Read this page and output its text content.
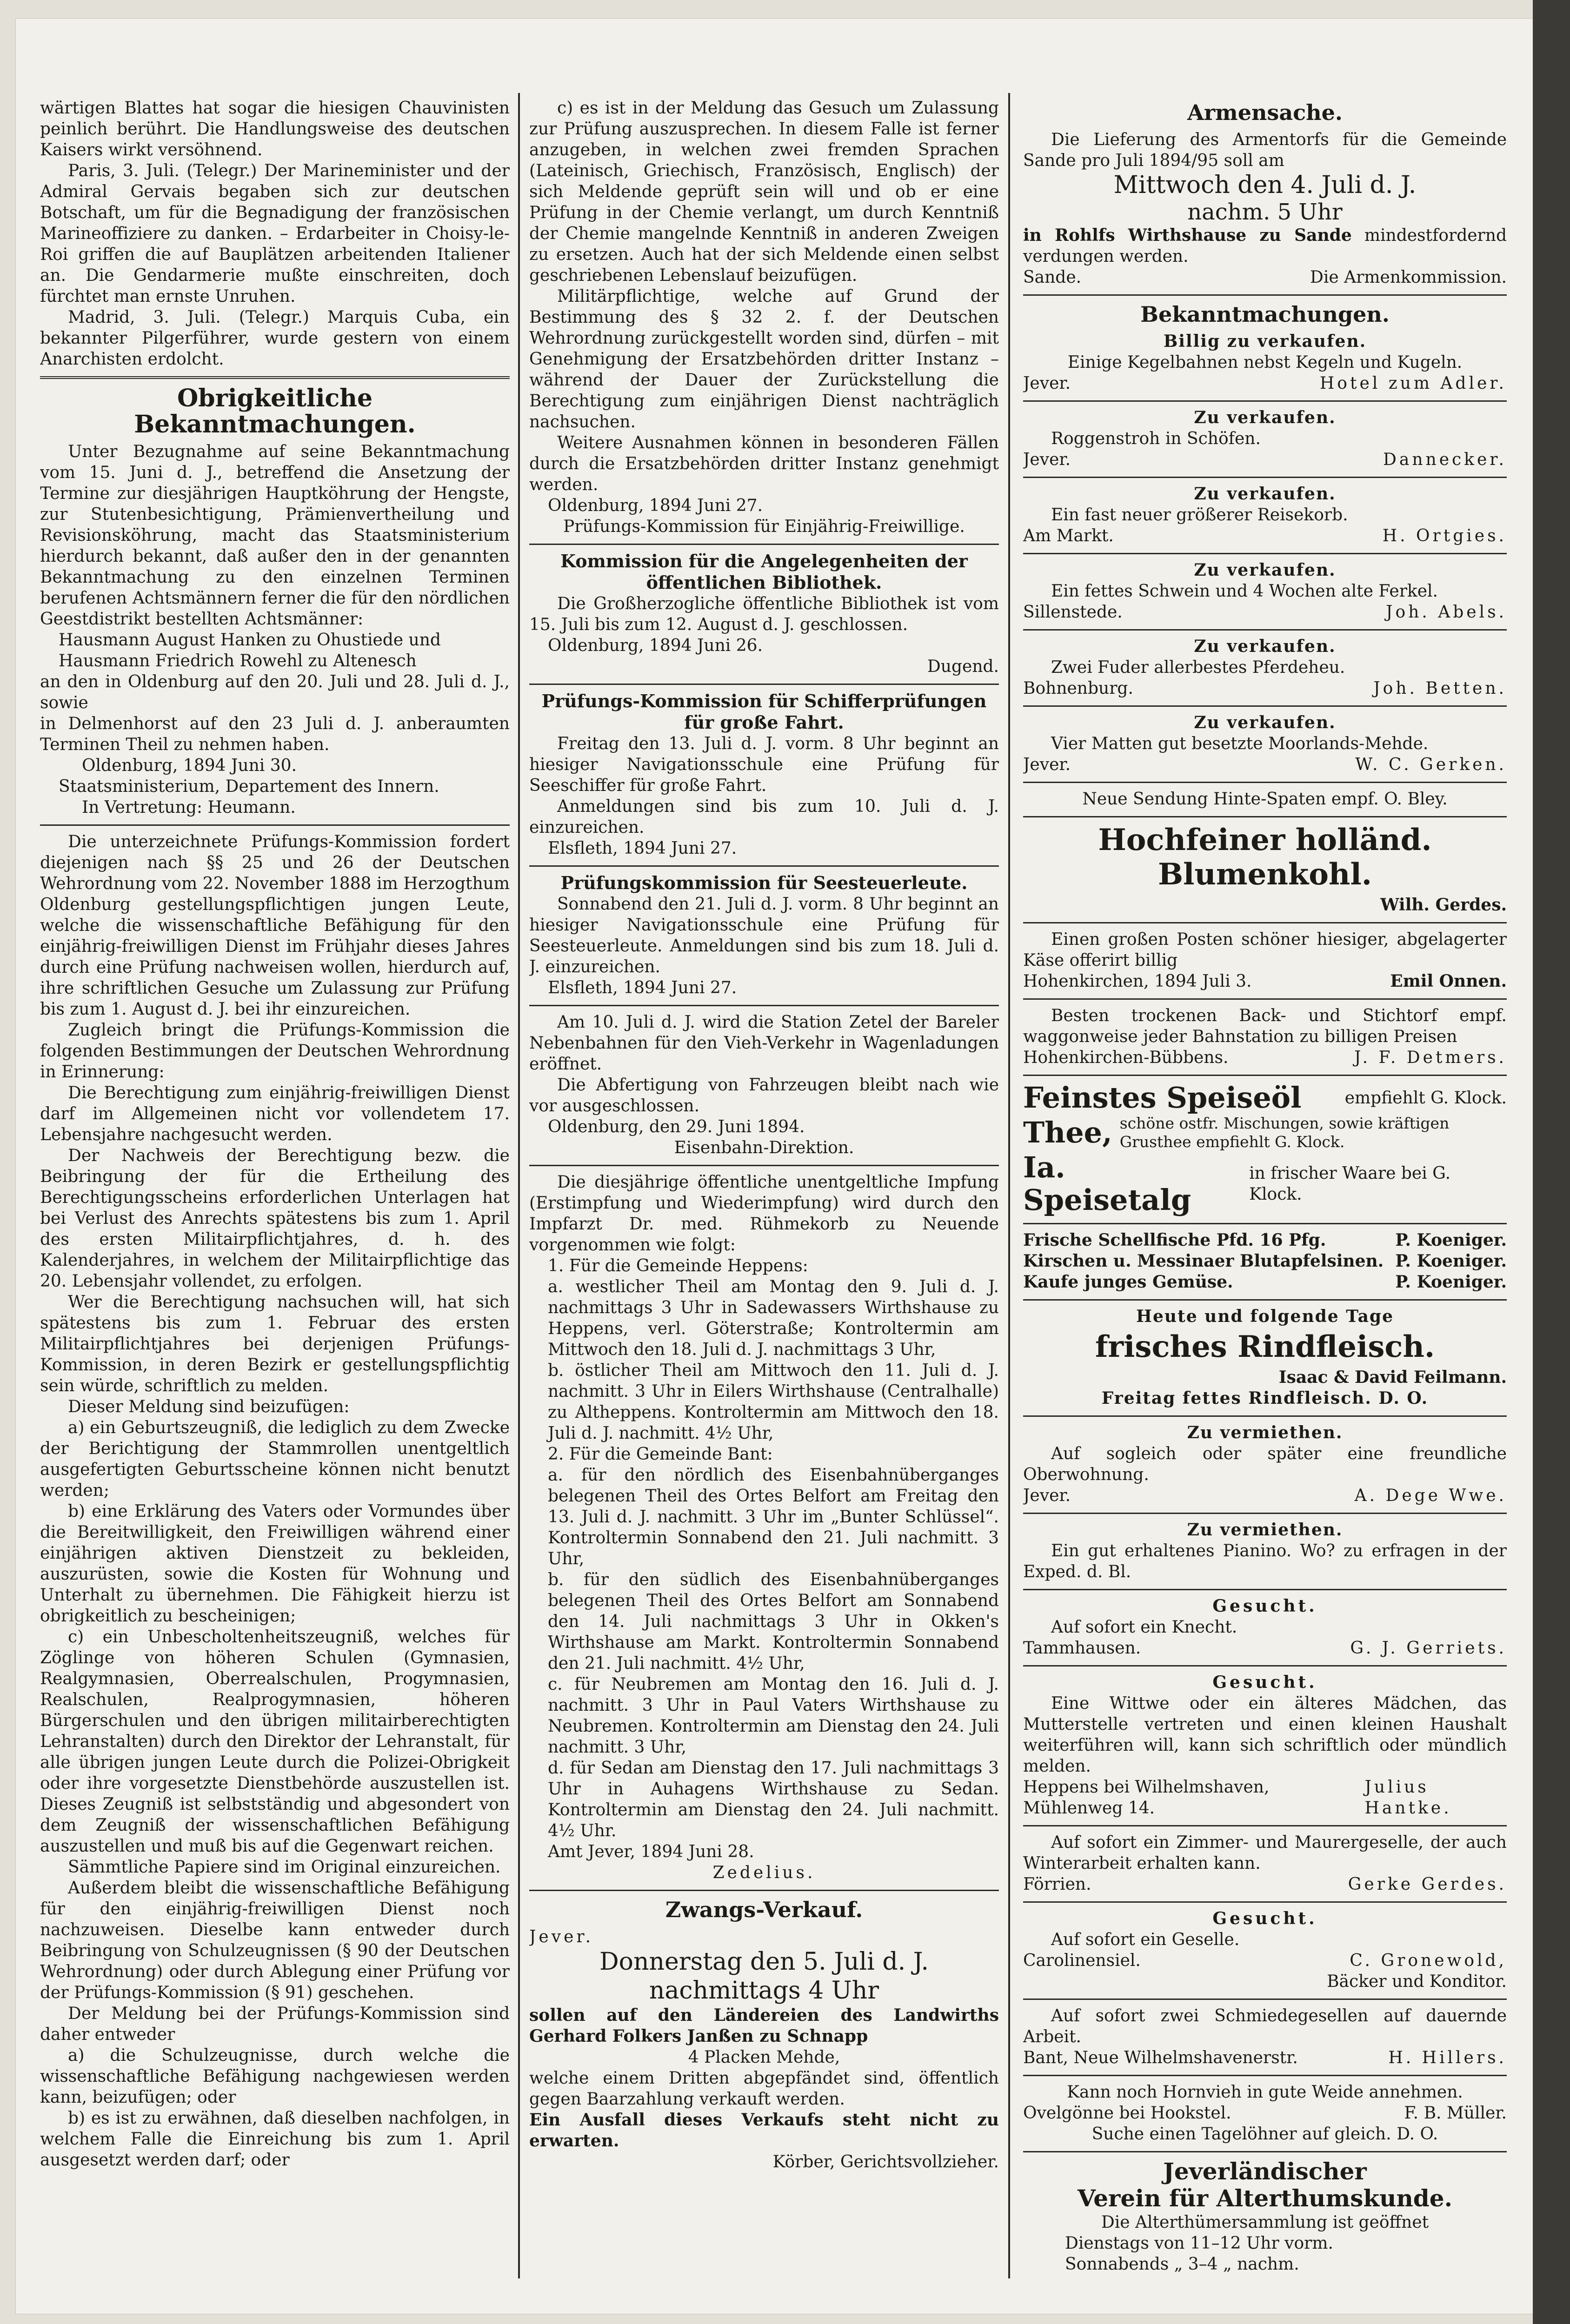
wärtigen Blattes hat sogar die hiesigen Chauvinisten peinlich berührt. Die Handlungsweise des deutschen Kaisers wirkt versöhnend.

Paris, 3. Juli. (Telegr.) Der Marineminister und der Admiral Gervais begaben sich zur deutschen Botschaft, um für die Begnadigung der französischen Marineoffiziere zu danken. – Erdarbeiter in Choisy-le-Roi griffen die auf Bauplätzen arbeitenden Italiener an. Die Gendarmerie mußte einschreiten, doch fürchtet man ernste Unruhen.

Madrid, 3. Juli. (Telegr.) Marquis Cuba, ein bekannter Pilgerführer, wurde gestern von einem Anarchisten erdolcht.

Obrigkeitliche Bekanntmachungen.

Unter Bezugnahme auf seine Bekanntmachung vom 15. Juni d. J., betreffend die Ansetzung der Termine zur diesjährigen Hauptköhrung der Hengste, zur Stutenbesichtigung, Prämienvertheilung und Revisionsköhrung, macht das Staatsministerium hierdurch bekannt, daß außer den in der genannten Bekanntmachung zu den einzelnen Terminen berufenen Achtsmännern ferner die für den nördlichen Geestdistrikt bestellten Achtsmänner:

Hausmann August Hanken zu Ohustiede und

Hausmann Friedrich Rowehl zu Altenesch

an den in Oldenburg auf den 20. Juli und 28. Juli d. J., sowie

in Delmenhorst auf den 23 Juli d. J. anberaumten Terminen Theil zu nehmen haben.

Oldenburg, 1894 Juni 30.

Staatsministerium, Departement des Innern.

In Vertretung: Heumann.

Die unterzeichnete Prüfungs-Kommission fordert diejenigen nach §§ 25 und 26 der Deutschen Wehrordnung vom 22. November 1888 im Herzogthum Oldenburg gestellungspflichtigen jungen Leute, welche die wissenschaftliche Befähigung für den einjährig-freiwilligen Dienst im Frühjahr dieses Jahres durch eine Prüfung nachweisen wollen, hierdurch auf, ihre schriftlichen Gesuche um Zulassung zur Prüfung bis zum 1. August d. J. bei ihr einzureichen.

Zugleich bringt die Prüfungs-Kommission die folgenden Bestimmungen der Deutschen Wehrordnung in Erinnerung:

Die Berechtigung zum einjährig-freiwilligen Dienst darf im Allgemeinen nicht vor vollendetem 17. Lebensjahre nachgesucht werden.

Der Nachweis der Berechtigung bezw. die Beibringung der für die Ertheilung des Berechtigungsscheins erforderlichen Unterlagen hat bei Verlust des Anrechts spätestens bis zum 1. April des ersten Militairpflichtjahres, d. h. des Kalenderjahres, in welchem der Militairpflichtige das 20. Lebensjahr vollendet, zu erfolgen.

Wer die Berechtigung nachsuchen will, hat sich spätestens bis zum 1. Februar des ersten Militairpflichtjahres bei derjenigen Prüfungs-Kommission, in deren Bezirk er gestellungspflichtig sein würde, schriftlich zu melden.

Dieser Meldung sind beizufügen:

a) ein Geburtszeugniß, die lediglich zu dem Zwecke der Berichtigung der Stammrollen unentgeltlich ausgefertigten Geburtsscheine können nicht benutzt werden;

b) eine Erklärung des Vaters oder Vormundes über die Bereitwilligkeit, den Freiwilligen während einer einjährigen aktiven Dienstzeit zu bekleiden, auszurüsten, sowie die Kosten für Wohnung und Unterhalt zu übernehmen. Die Fähigkeit hierzu ist obrigkeitlich zu bescheinigen;

c) ein Unbescholtenheitszeugniß, welches für Zöglinge von höheren Schulen (Gymnasien, Realgymnasien, Oberrealschulen, Progymnasien, Realschulen, Realprogymnasien, höheren Bürgerschulen und den übrigen militairberechtigten Lehranstalten) durch den Direktor der Lehranstalt, für alle übrigen jungen Leute durch die Polizei-Obrigkeit oder ihre vorgesetzte Dienstbehörde auszustellen ist. Dieses Zeugniß ist selbstständig und abgesondert von dem Zeugniß der wissenschaftlichen Befähigung auszustellen und muß bis auf die Gegenwart reichen.

Sämmtliche Papiere sind im Original einzureichen.

Außerdem bleibt die wissenschaftliche Befähigung für den einjährig-freiwilligen Dienst noch nachzuweisen. Dieselbe kann entweder durch Beibringung von Schulzeugnissen (§ 90 der Deutschen Wehrordnung) oder durch Ablegung einer Prüfung vor der Prüfungs-Kommission (§ 91) geschehen.

Der Meldung bei der Prüfungs-Kommission sind daher entweder

a) die Schulzeugnisse, durch welche die wissenschaftliche Befähigung nachgewiesen werden kann, beizufügen; oder

b) es ist zu erwähnen, daß dieselben nachfolgen, in welchem Falle die Einreichung bis zum 1. April ausgesetzt werden darf; oder

c) es ist in der Meldung das Gesuch um Zulassung zur Prüfung auszusprechen. In diesem Falle ist ferner anzugeben, in welchen zwei fremden Sprachen (Lateinisch, Griechisch, Französisch, Englisch) der sich Meldende geprüft sein will und ob er eine Prüfung in der Chemie verlangt, um durch Kenntniß der Chemie mangelnde Kenntniß in anderen Zweigen zu ersetzen. Auch hat der sich Meldende einen selbst geschriebenen Lebenslauf beizufügen.

Militärpflichtige, welche auf Grund der Bestimmung des § 32 2. f. der Deutschen Wehrordnung zurückgestellt worden sind, dürfen – mit Genehmigung der Ersatzbehörden dritter Instanz – während der Dauer der Zurückstellung die Berechtigung zum einjährigen Dienst nachträglich nachsuchen.

Weitere Ausnahmen können in besonderen Fällen durch die Ersatzbehörden dritter Instanz genehmigt werden.

Oldenburg, 1894 Juni 27.

Prüfungs-Kommission für Einjährig-Freiwillige.

Kommission für die Angelegenheiten der öffentlichen Bibliothek.

Die Großherzogliche öffentliche Bibliothek ist vom 15. Juli bis zum 12. August d. J. geschlossen.

Oldenburg, 1894 Juni 26.

Dugend.

Prüfungs-Kommission für Schifferprüfungen für große Fahrt.

Freitag den 13. Juli d. J. vorm. 8 Uhr beginnt an hiesiger Navigationsschule eine Prüfung für Seeschiffer für große Fahrt.

Anmeldungen sind bis zum 10. Juli d. J. einzureichen.

Elsfleth, 1894 Juni 27.

Prüfungskommission für Seesteuerleute.

Sonnabend den 21. Juli d. J. vorm. 8 Uhr beginnt an hiesiger Navigationsschule eine Prüfung für Seesteuerleute. Anmeldungen sind bis zum 18. Juli d. J. einzureichen.

Elsfleth, 1894 Juni 27.

Am 10. Juli d. J. wird die Station Zetel der Bareler Nebenbahnen für den Vieh-Verkehr in Wagenladungen eröffnet.

Die Abfertigung von Fahrzeugen bleibt nach wie vor ausgeschlossen.

Oldenburg, den 29. Juni 1894.

Eisenbahn-Direktion.

Die diesjährige öffentliche unentgeltliche Impfung (Erstimpfung und Wiederimpfung) wird durch den Impfarzt Dr. med. Rühmekorb zu Neuende vorgenommen wie folgt:

1. Für die Gemeinde Heppens:

a. westlicher Theil am Montag den 9. Juli d. J. nachmittags 3 Uhr in Sadewassers Wirthshause zu Heppens, verl. Göterstraße; Kontroltermin am Mittwoch den 18. Juli d. J. nachmittags 3 Uhr,

b. östlicher Theil am Mittwoch den 11. Juli d. J. nachmitt. 3 Uhr in Eilers Wirthshause (Centralhalle) zu Altheppens. Kontroltermin am Mittwoch den 18. Juli d. J. nachmitt. 4½ Uhr,

2. Für die Gemeinde Bant:

a. für den nördlich des Eisenbahnüberganges belegenen Theil des Ortes Belfort am Freitag den 13. Juli d. J. nachmitt. 3 Uhr im „Bunter Schlüssel“. Kontroltermin Sonnabend den 21. Juli nachmitt. 3 Uhr,

b. für den südlich des Eisenbahnüberganges belegenen Theil des Ortes Belfort am Sonnabend den 14. Juli nachmittags 3 Uhr in Okken's Wirthshause am Markt. Kontroltermin Sonnabend den 21. Juli nachmitt. 4½ Uhr,

c. für Neubremen am Montag den 16. Juli d. J. nachmitt. 3 Uhr in Paul Vaters Wirthshause zu Neubremen. Kontroltermin am Dienstag den 24. Juli nachmitt. 3 Uhr,

d. für Sedan am Dienstag den 17. Juli nachmittags 3 Uhr in Auhagens Wirthshause zu Sedan. Kontroltermin am Dienstag den 24. Juli nachmitt. 4½ Uhr.

Amt Jever, 1894 Juni 28.

Zedelius.

Zwangs-Verkauf.

Jever.

Donnerstag den 5. Juli d. J.

nachmittags 4 Uhr

sollen auf den Ländereien des Landwirths Gerhard Folkers Janßen zu Schnapp

4 Placken Mehde,

welche einem Dritten abgepfändet sind, öffentlich gegen Baarzahlung verkauft werden.

Ein Ausfall dieses Verkaufs steht nicht zu erwarten.

Körber, Gerichtsvollzieher.

Armensache.

Die Lieferung des Armentorfs für die Gemeinde Sande pro Juli 1894/95 soll am

Mittwoch den 4. Juli d. J.

nachm. 5 Uhr

in Rohlfs Wirthshause zu Sande mindestfordernd verdungen werden.

Sande.	Die Armenkommission.
Bekanntmachungen.

Billig zu verkaufen.

Einige Kegelbahnen nebst Kegeln und Kugeln.

Jever.	Hotel zum Adler.

Zu verkaufen.

Roggenstroh in Schöfen.

Jever.	Dannecker.

Zu verkaufen.

Ein fast neuer größerer Reisekorb.

Am Markt.	H. Ortgies.

Zu verkaufen.

Ein fettes Schwein und 4 Wochen alte Ferkel.

Sillenstede.	Joh. Abels.

Zu verkaufen.

Zwei Fuder allerbestes Pferdeheu.

Bohnenburg.	Joh. Betten.

Zu verkaufen.

Vier Matten gut besetzte Moorlands-Mehde.

Jever.	W. C. Gerken.

Neue Sendung Hinte-Spaten empf. O. Bley.

Hochfeiner holländ. Blumenkohl.

Wilh. Gerdes.

Einen großen Posten schöner hiesiger, abgelagerter Käse offerirt billig

Hohenkirchen, 1894 Juli 3.	Emil Onnen.

Besten trockenen Back- und Stichtorf empf. waggonweise jeder Bahnstation zu billigen Preisen

Hohenkirchen-Bübbens.	J. F. Detmers.
Feinstes Speiseöl	empfiehlt G. Klock.
Thee, schöne ostfr. Mischungen, sowie kräftigen Grusthee empfiehlt G. Klock.
Ia. Speisetalg
in frischer Waare bei G. Klock.
Frische Schellfische Pfd. 16 Pfg.	P. Koeniger.
Kirschen u. Messinaer Blutapfelsinen. P. Koeniger.
Kaufe junges Gemüse.	P. Koeniger.

Heute und folgende Tage

frisches Rindfleisch.

Isaac & David Feilmann.

Freitag fettes Rindfleisch. D. O.

Zu vermiethen.

Auf sogleich oder später eine freundliche Oberwohnung.

Jever.	A. Dege Wwe.

Zu vermiethen.

Ein gut erhaltenes Pianino. Wo? zu erfragen in der Exped. d. Bl.

Gesucht.

Auf sofort ein Knecht.

Tammhausen.	G. J. Gerriets.

Gesucht.

Eine Wittwe oder ein älteres Mädchen, das Mutterstelle vertreten und einen kleinen Haushalt weiterführen will, kann sich schriftlich oder mündlich melden.

Heppens bei Wilhelmshaven, Mühlenweg 14.
Julius Hantke.

Auf sofort ein Zimmer- und Maurergeselle, der auch Winterarbeit erhalten kann.

Förrien.	Gerke Gerdes.

Gesucht.

Auf sofort ein Geselle.

Carolinensiel.	C. Gronewold,

Bäcker und Konditor.

Auf sofort zwei Schmiedegesellen auf dauernde Arbeit.

Bant, Neue Wilhelmshavenerstr.	H. Hillers.

Kann noch Hornvieh in gute Weide annehmen.

Ovelgönne bei Hookstel.	F. B. Müller.

Suche einen Tagelöhner auf gleich. D. O.

Jeverländischer

Verein für Alterthumskunde.

Die Alterthümersammlung ist geöffnet

Dienstags von 11–12 Uhr vorm.

Sonnabends „ 3–4 „ nachm.
